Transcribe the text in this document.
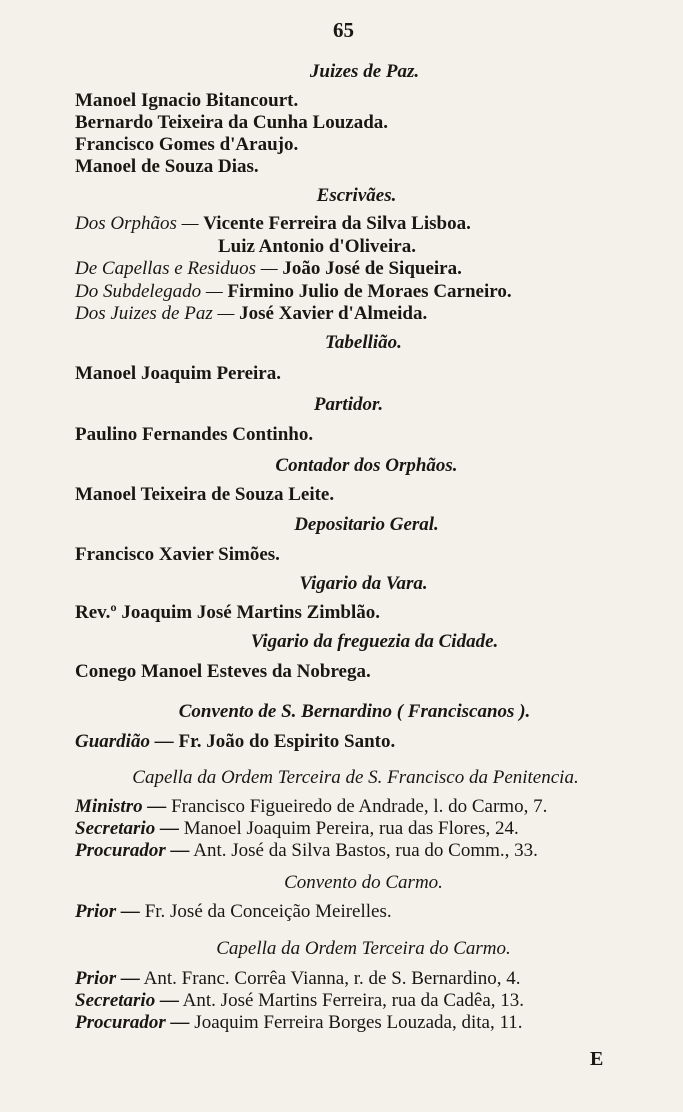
65
Juizes de Paz.
Manoel Ignacio Bitancourt.
Bernardo Teixeira da Cunha Louzada.
Francisco Gomes d'Araujo.
Manoel de Souza Dias.
Escrivães.
Dos Orphãos — Vicente Ferreira da Silva Lisboa.
Luiz Antonio d'Oliveira.
De Capellas e Residuos — João José de Siqueira.
Do Subdelegado — Firmino Julio de Moraes Carneiro.
Dos Juizes de Paz — José Xavier d'Almeida.
Tabellião.
Manoel Joaquim Pereira.
Partidor.
Paulino Fernandes Continho.
Contador dos Orphãos.
Manoel Teixeira de Souza Leite.
Depositario Geral.
Francisco Xavier Simões.
Vigario da Vara.
Rev.º Joaquim José Martins Zimblão.
Vigario da freguezia da Cidade.
Conego Manoel Esteves da Nobrega.
Convento de S. Bernardino ( Franciscanos ).
Guardião — Fr. João do Espirito Santo.
Capella da Ordem Terceira de S. Francisco da Penitencia.
Ministro — Francisco Figueiredo de Andrade, l. do Carmo, 7.
Secretario — Manoel Joaquim Pereira, rua das Flores, 24.
Procurador — Ant. José da Silva Bastos, rua do Comm., 33.
Convento do Carmo.
Prior — Fr. José da Conceição Meirelles.
Capella da Ordem Terceira do Carmo.
Prior — Ant. Franc. Corrêa Vianna, r. de S. Bernardino, 4.
Secretario — Ant. José Martins Ferreira, rua da Cadêa, 13.
Procurador — Joaquim Ferreira Borges Louzada, dita, 11.
E
